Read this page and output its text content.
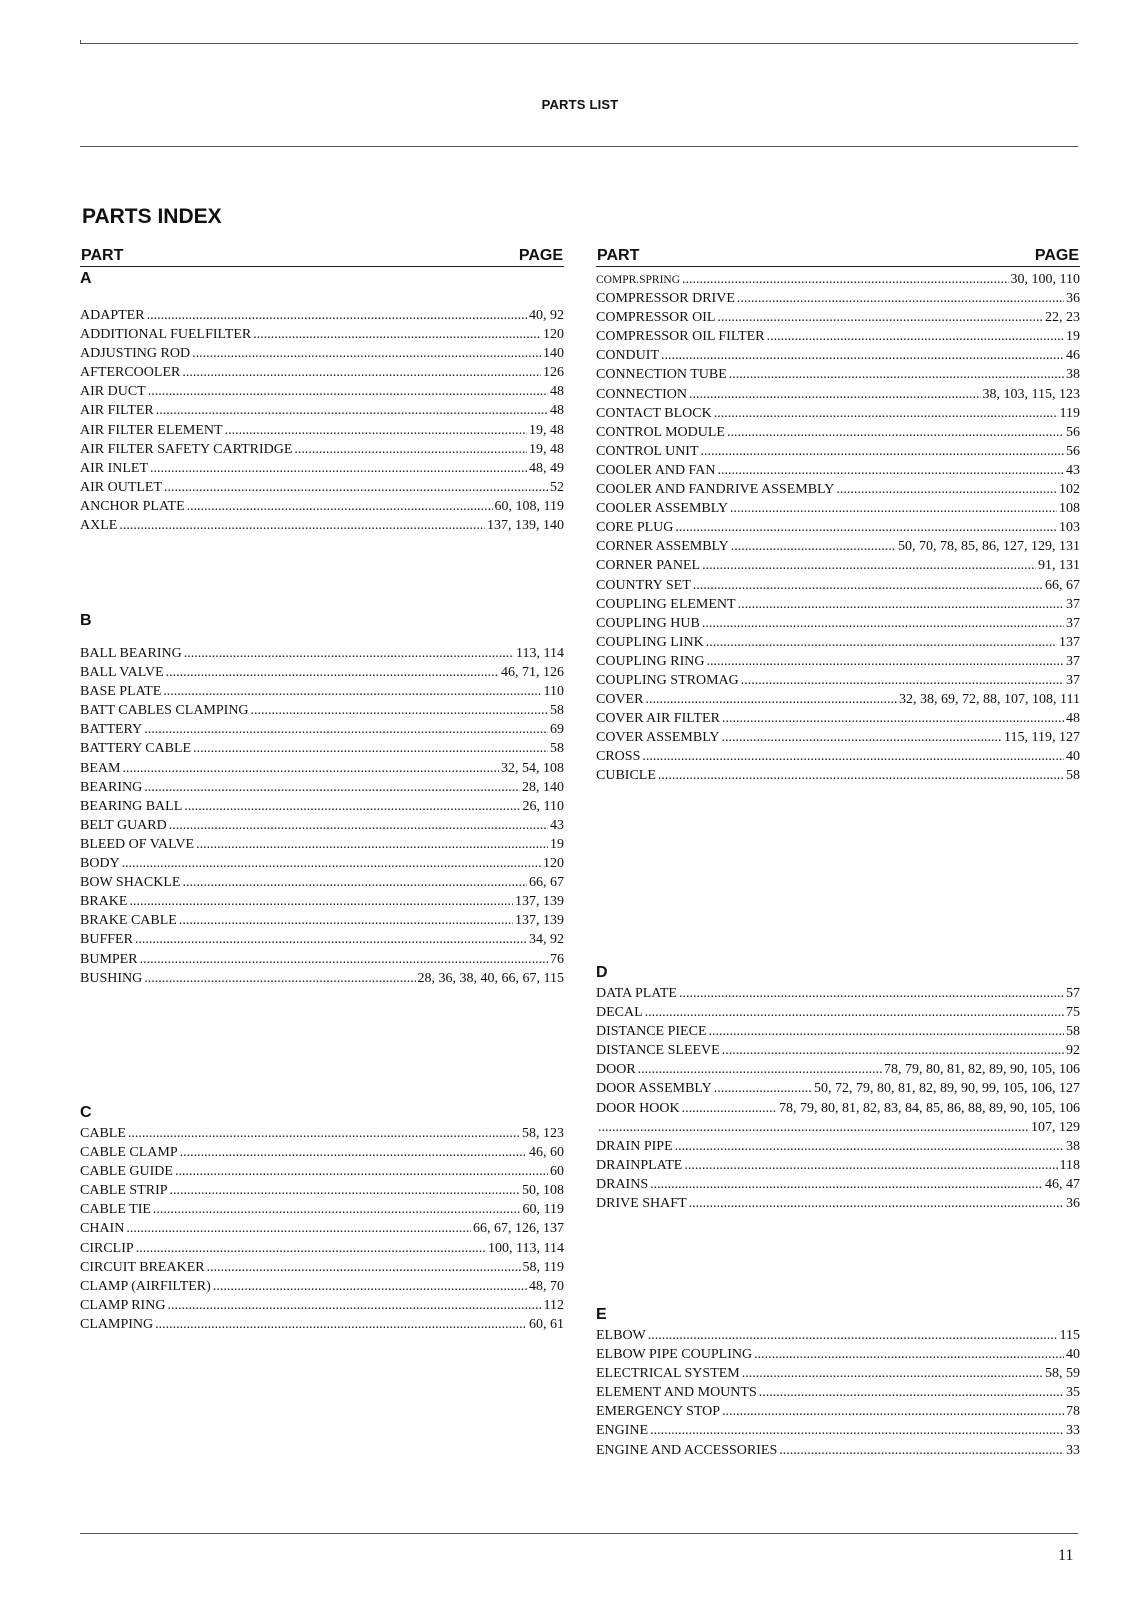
PARTS LIST
PARTS INDEX
PART	PAGE
A
ADAPTER .....	40, 92
ADDITIONAL FUELFILTER .....	120
ADJUSTING ROD .....	140
AFTERCOOLER .....	126
AIR DUCT .....	48
AIR FILTER .....	48
AIR FILTER ELEMENT .....	19, 48
AIR FILTER SAFETY CARTRIDGE .....	19, 48
AIR INLET .....	48, 49
AIR OUTLET .....	52
ANCHOR PLATE .....	60, 108, 119
AXLE .....	137, 139, 140
B
BALL BEARING .....	113, 114
BALL VALVE .....	46, 71, 126
BASE PLATE .....	110
BATT CABLES CLAMPING .....	58
BATTERY .....	69
BATTERY CABLE .....	58
BEAM .....	32, 54, 108
BEARING .....	28, 140
BEARING BALL .....	26, 110
BELT GUARD .....	43
BLEED OF VALVE .....	19
BODY .....	120
BOW SHACKLE .....	66, 67
BRAKE .....	137, 139
BRAKE CABLE .....	137, 139
BUFFER .....	34, 92
BUMPER .....	76
BUSHING .....	28, 36, 38, 40, 66, 67, 115
C
CABLE .....	58, 123
CABLE CLAMP .....	46, 60
CABLE GUIDE .....	60
CABLE STRIP .....	50, 108
CABLE TIE .....	60, 119
CHAIN .....	66, 67, 126, 137
CIRCLIP .....	100, 113, 114
CIRCUIT BREAKER .....	58, 119
CLAMP (AIRFILTER) .....	48, 70
CLAMP RING .....	112
CLAMPING .....	60, 61
PART	PAGE
COMPR.SPRING .....	30, 100, 110
COMPRESSOR DRIVE .....	36
COMPRESSOR OIL .....	22, 23
COMPRESSOR OIL FILTER .....	19
CONDUIT .....	46
CONNECTION TUBE .....	38
CONNECTION .....	38, 103, 115, 123
CONTACT BLOCK .....	119
CONTROL MODULE .....	56
CONTROL UNIT .....	56
COOLER AND FAN .....	43
COOLER AND FANDRIVE ASSEMBLY .....	102
COOLER ASSEMBLY .....	108
CORE PLUG .....	103
CORNER ASSEMBLY .....	50, 70, 78, 85, 86, 127, 129, 131
CORNER PANEL .....	91, 131
COUNTRY SET .....	66, 67
COUPLING ELEMENT .....	37
COUPLING HUB .....	37
COUPLING LINK .....	137
COUPLING RING .....	37
COUPLING STROMAG .....	37
COVER .....	32, 38, 69, 72, 88, 107, 108, 111
COVER AIR FILTER .....	48
COVER ASSEMBLY .....	115, 119, 127
CROSS .....	40
CUBICLE .....	58
D
DATA PLATE .....	57
DECAL .....	75
DISTANCE PIECE .....	58
DISTANCE SLEEVE .....	92
DOOR .....	78, 79, 80, 81, 82, 89, 90, 105, 106
DOOR ASSEMBLY .....	50, 72, 79, 80, 81, 82, 89, 90, 99, 105, 106, 127
DOOR HOOK .....	78, 79, 80, 81, 82, 83, 84, 85, 86, 88, 89, 90, 105, 106
.....
107, 129
DRAIN PIPE .....	38
DRAINPLATE .....	118
DRAINS .....	46, 47
DRIVE SHAFT .....	36
E
ELBOW .....	115
ELBOW PIPE COUPLING .....	40
ELECTRICAL SYSTEM .....	58, 59
ELEMENT AND MOUNTS .....	35
EMERGENCY STOP .....	78
ENGINE .....	33
ENGINE AND ACCESSORIES .....	33
11
